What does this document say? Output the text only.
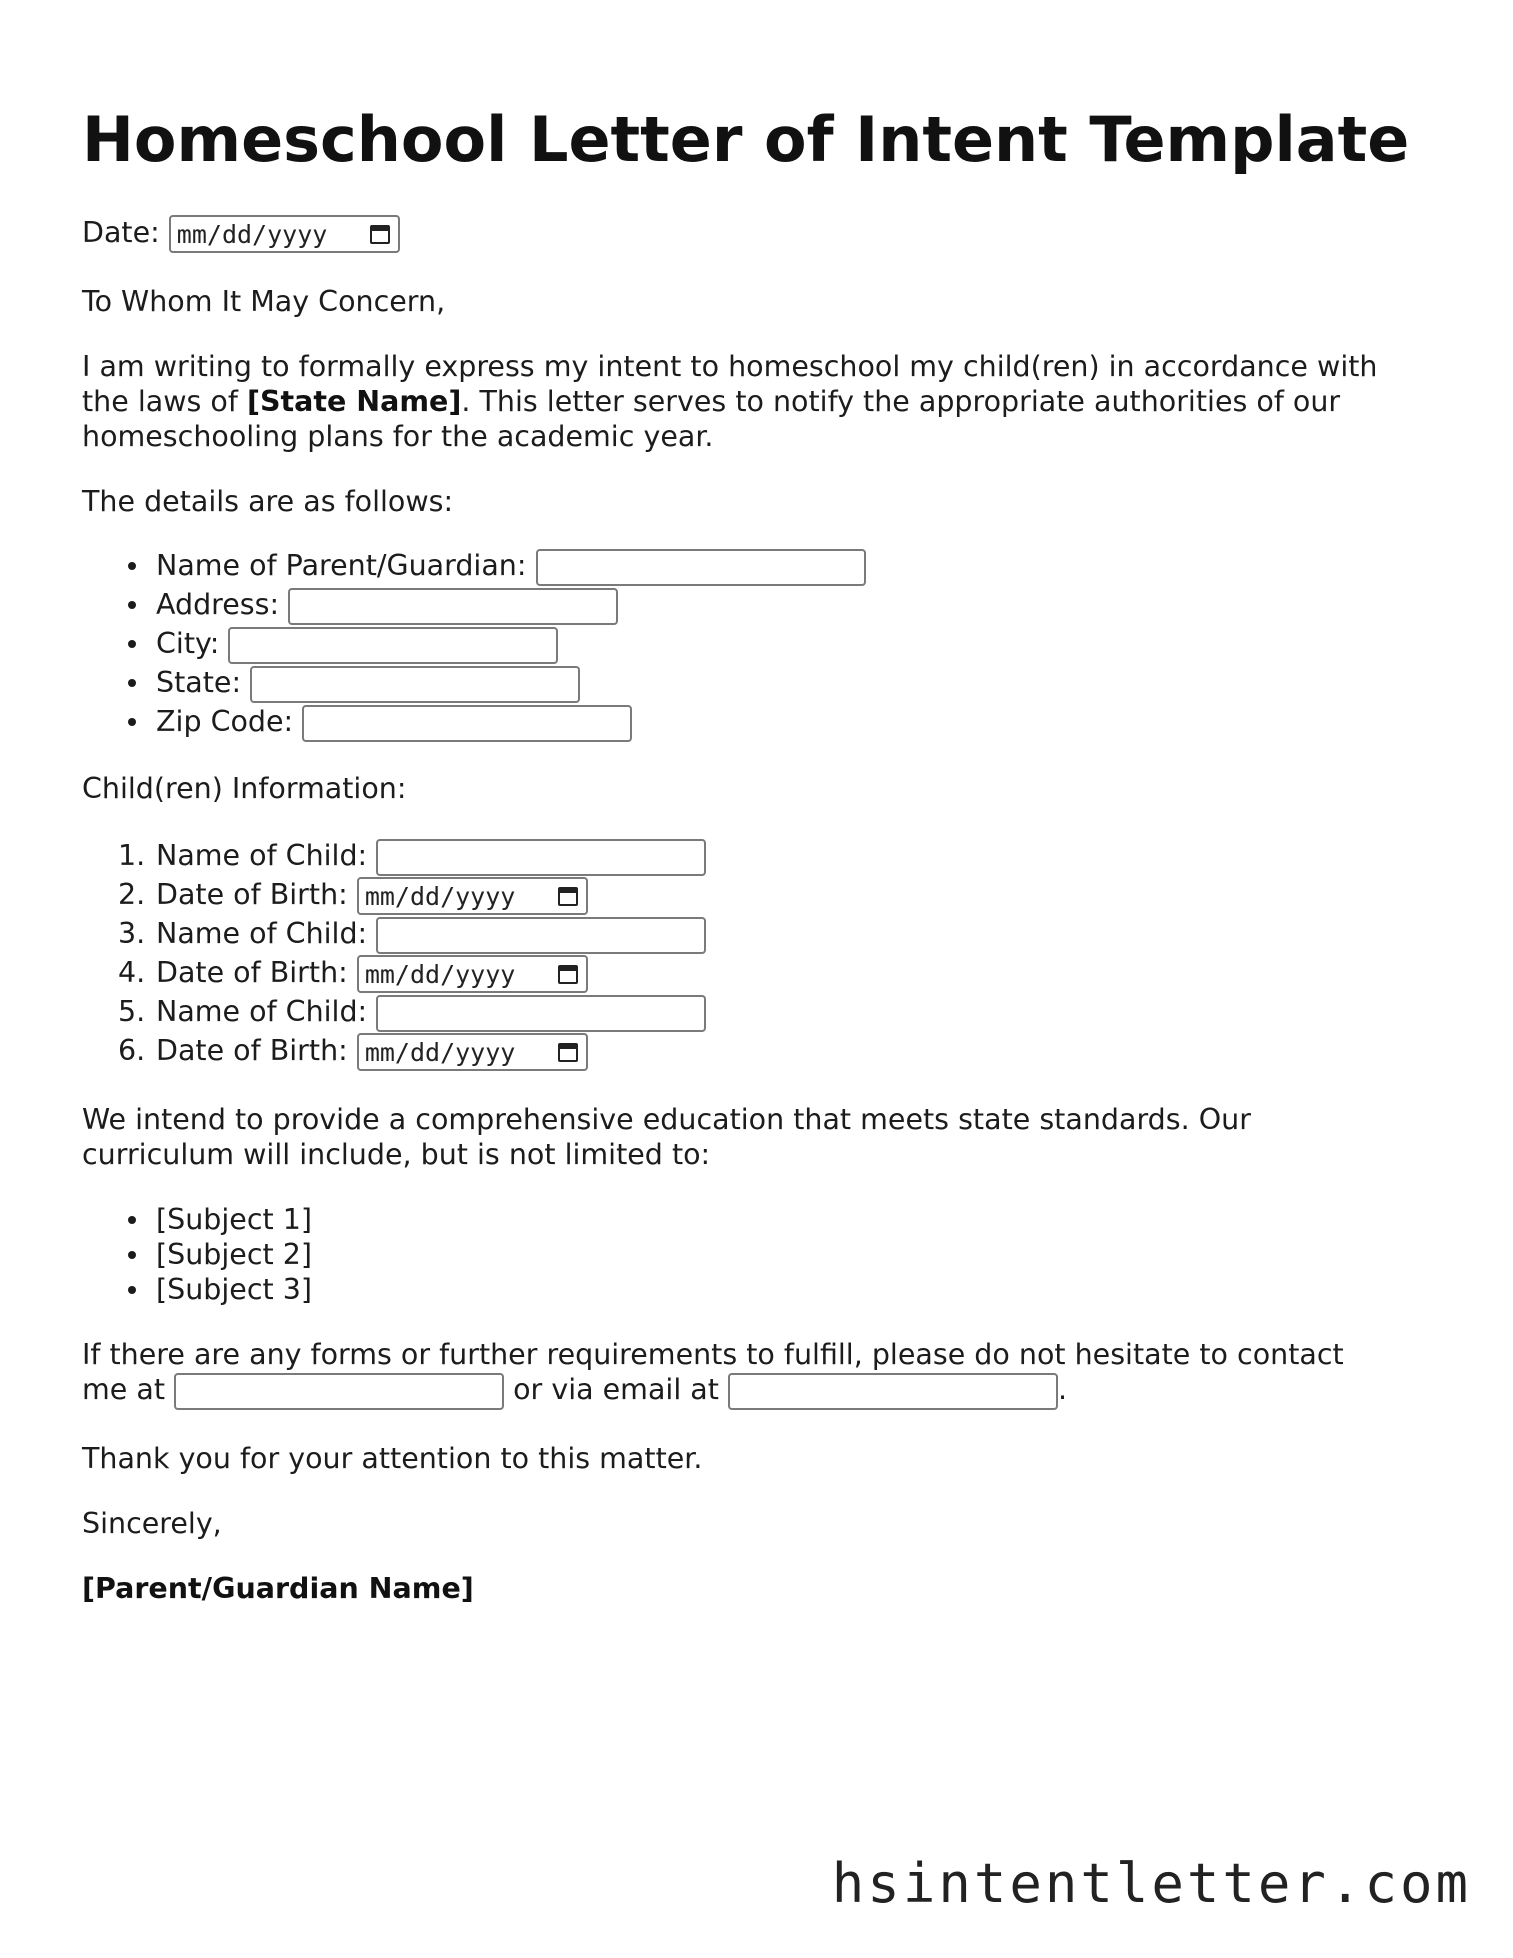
Homeschool Letter of Intent Template

Date: mm/dd/yyyy

To Whom It May Concern,

I am writing to formally express my intent to homeschool my child(ren) in accordance with

the laws of [State Name]. This letter serves to notify the appropriate authorities of our

homeschooling plans for the academic year.

The details are as follows:

Name of Parent/Guardian:
Address:
City:
State:
Zip Code:

Child(ren) Information:

1. Name of Child:
2. Date of Birth: mm/dd/yyyy
3. Name of Child:
4. Date of Birth: mm/dd/yyyy
5. Name of Child:
6. Date of Birth: mm/dd/yyyy

We intend to provide a comprehensive education that meets state standards. Our

curriculum will include, but is not limited to:

[Subject 1]
[Subject 2]
[Subject 3]

If there are any forms or further requirements to fulfill, please do not hesitate to contact

me at	or via email at	.

Thank you for your attention to this matter.

Sincerely,

[Parent/Guardian Name]

hsintentletter.com
